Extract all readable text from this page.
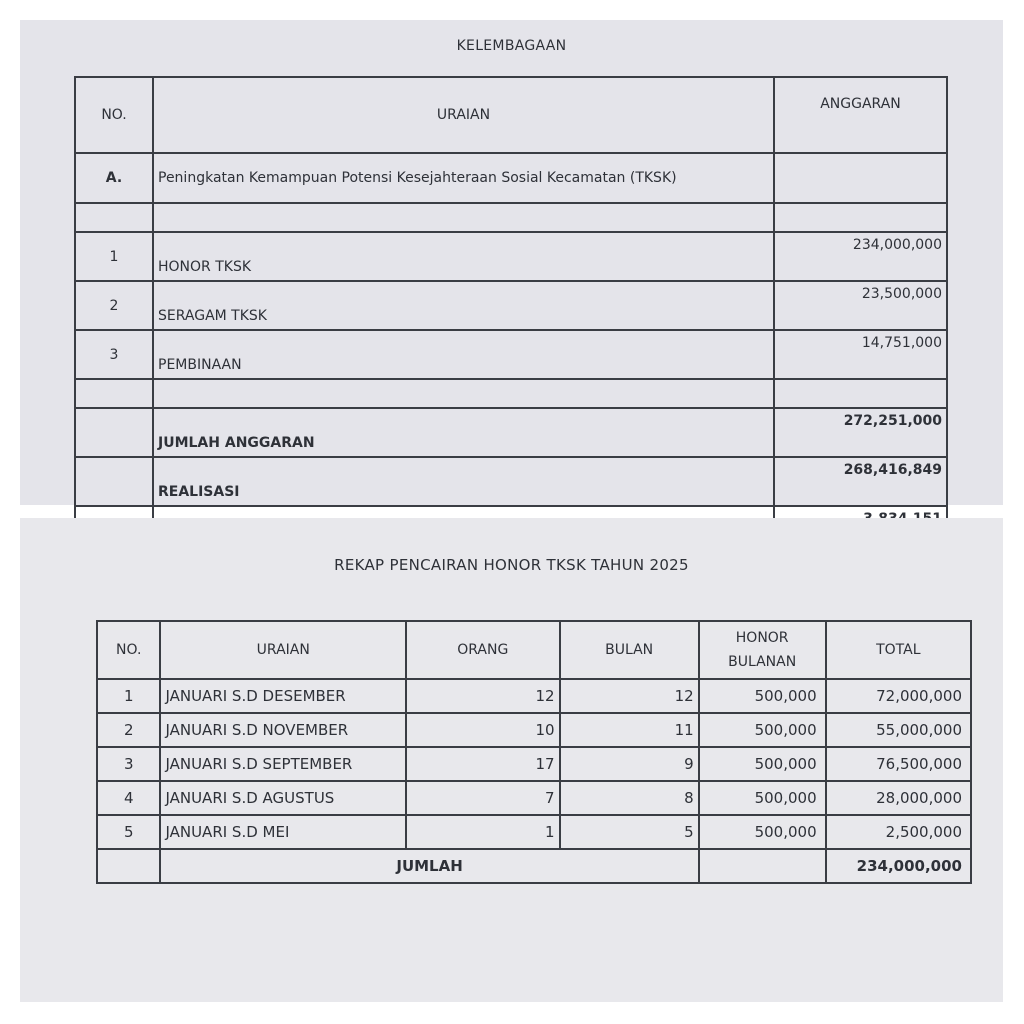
KELEMBAGAAN
NO.	URAIAN	ANGGARAN
A.	Peningkatan Kemampuan Potensi Kesejahteraan Sosial Kecamatan (TKSK)	

1	HONOR TKSK	234,000,000
2	SERAGAM TKSK	23,500,000
3	PEMBINAAN	14,751,000

	JUMLAH ANGGARAN	272,251,000
	REALISASI	268,416,849

REKAP PENCAIRAN HONOR TKSK TAHUN 2025
NO.	URAIAN	ORANG	BULAN	HONOR BULANAN	TOTAL
1	JANUARI S.D DESEMBER	12	12	500,000	72,000,000
2	JANUARI S.D NOVEMBER	10	11	500,000	55,000,000
3	JANUARI S.D SEPTEMBER	17	9	500,000	76,500,000
4	JANUARI S.D AGUSTUS	7	8	500,000	28,000,000
5	JANUARI S.D MEI	1	5	500,000	2,500,000
	JUMLAH				234,000,000
